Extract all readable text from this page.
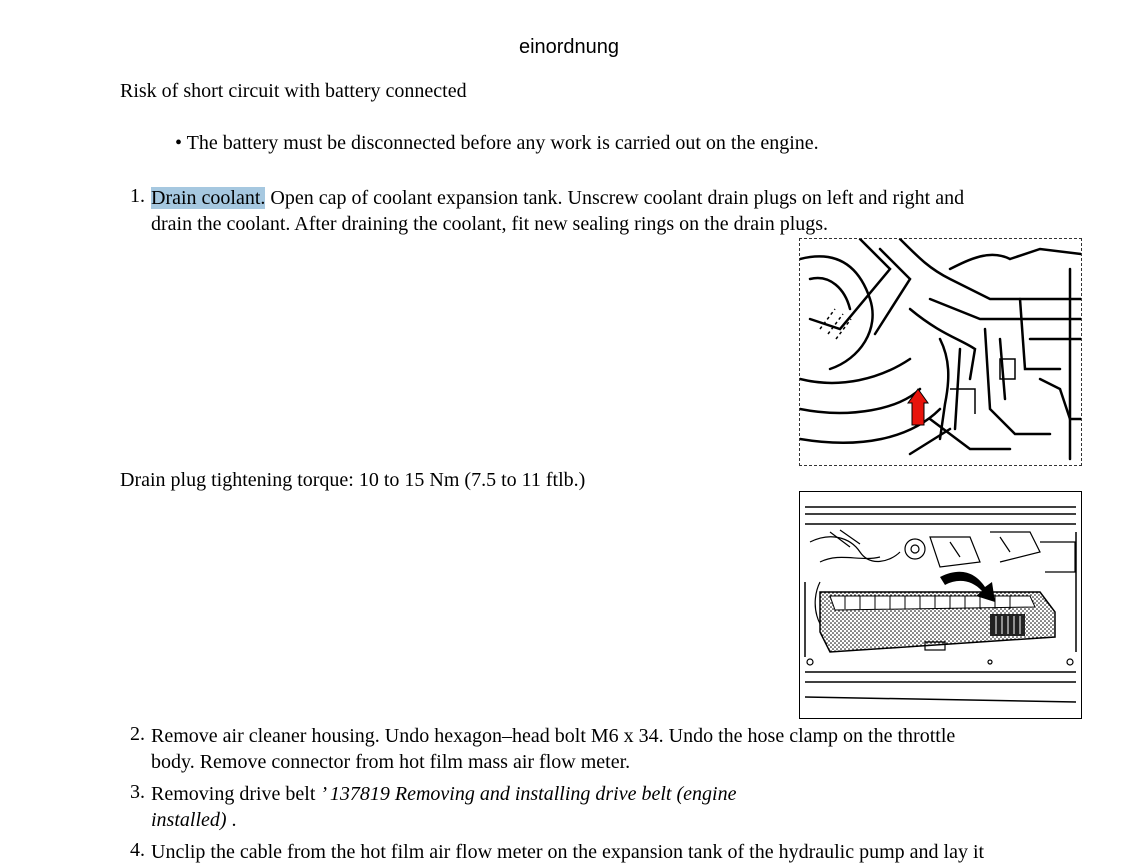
einordnung
Risk of short circuit with battery connected
• The battery must be disconnected before any work is carried out on the engine.
1. Drain coolant. Open cap of coolant expansion tank. Unscrew coolant drain plugs on left and right and
drain the coolant. After draining the coolant, fit new sealing rings on the drain plugs.
Drain plug tightening torque: 10 to 15 Nm (7.5 to 11 ftlb.)
2. Remove air cleaner housing. Undo hexagon–head bolt M6 x 34. Undo the hose clamp on the throttle
body. Remove connector from hot film mass air flow meter.
3. Removing drive belt ’ 137819 Removing and installing drive belt (engine
installed) .
4. Unclip the cable from the hot film air flow meter on the expansion tank of the hydraulic pump and lay it
